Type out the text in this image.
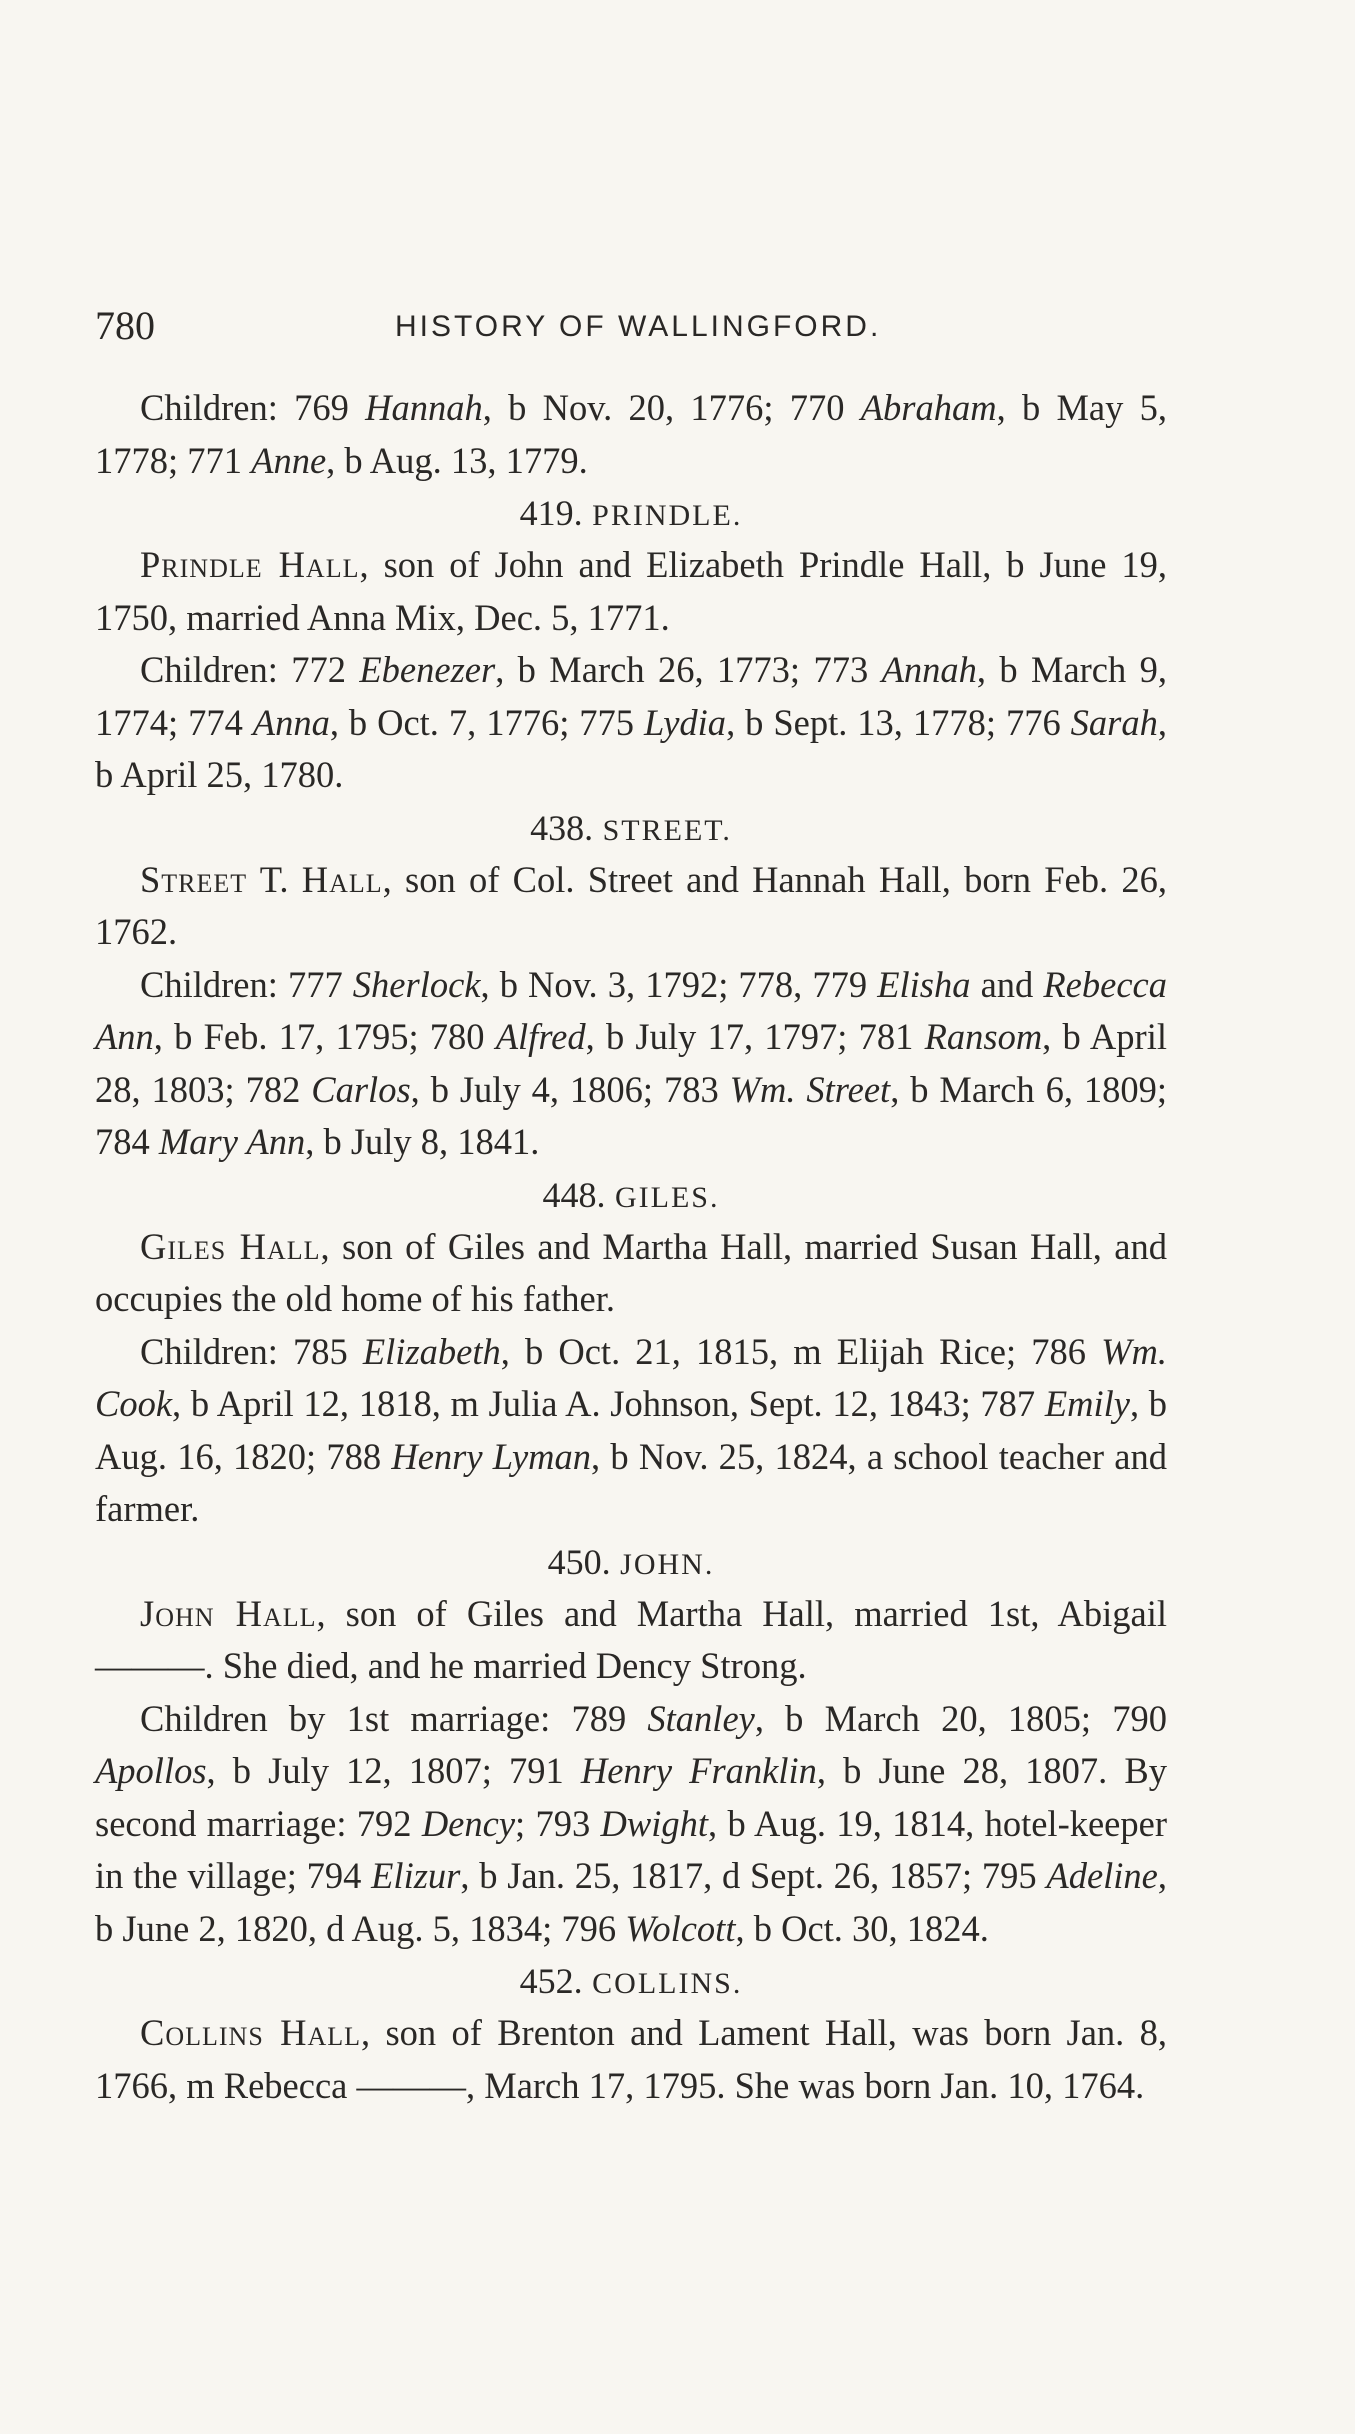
780	HISTORY OF WALLINGFORD.

Children: 769 Hannah, b Nov. 20, 1776; 770 Abraham, b May 5, 1778; 771 Anne, b Aug. 13, 1779.

419. PRINDLE.

Prindle Hall, son of John and Elizabeth Prindle Hall, b June 19, 1750, married Anna Mix, Dec. 5, 1771.

Children: 772 Ebenezer, b March 26, 1773; 773 Annah, b March 9, 1774; 774 Anna, b Oct. 7, 1776; 775 Lydia, b Sept. 13, 1778; 776 Sarah, b April 25, 1780.

438. STREET.

Street T. Hall, son of Col. Street and Hannah Hall, born Feb. 26, 1762.

Children: 777 Sherlock, b Nov. 3, 1792; 778, 779 Elisha and Rebecca Ann, b Feb. 17, 1795; 780 Alfred, b July 17, 1797; 781 Ransom, b April 28, 1803; 782 Carlos, b July 4, 1806; 783 Wm. Street, b March 6, 1809; 784 Mary Ann, b July 8, 1841.

448. GILES.

Giles Hall, son of Giles and Martha Hall, married Susan Hall, and occupies the old home of his father.

Children: 785 Elizabeth, b Oct. 21, 1815, m Elijah Rice; 786 Wm. Cook, b April 12, 1818, m Julia A. Johnson, Sept. 12, 1843; 787 Emily, b Aug. 16, 1820; 788 Henry Lyman, b Nov. 25, 1824, a school teacher and farmer.

450. JOHN.

John Hall, son of Giles and Martha Hall, married 1st, Abigail ———. She died, and he married Dency Strong.

Children by 1st marriage: 789 Stanley, b March 20, 1805; 790 Apollos, b July 12, 1807; 791 Henry Franklin, b June 28, 1807. By second marriage: 792 Dency; 793 Dwight, b Aug. 19, 1814, hotel-keeper in the village; 794 Elizur, b Jan. 25, 1817, d Sept. 26, 1857; 795 Adeline, b June 2, 1820, d Aug. 5, 1834; 796 Wolcott, b Oct. 30, 1824.

452. COLLINS.

Collins Hall, son of Brenton and Lament Hall, was born Jan. 8, 1766, m Rebecca ———, March 17, 1795. She was born Jan. 10, 1764.
